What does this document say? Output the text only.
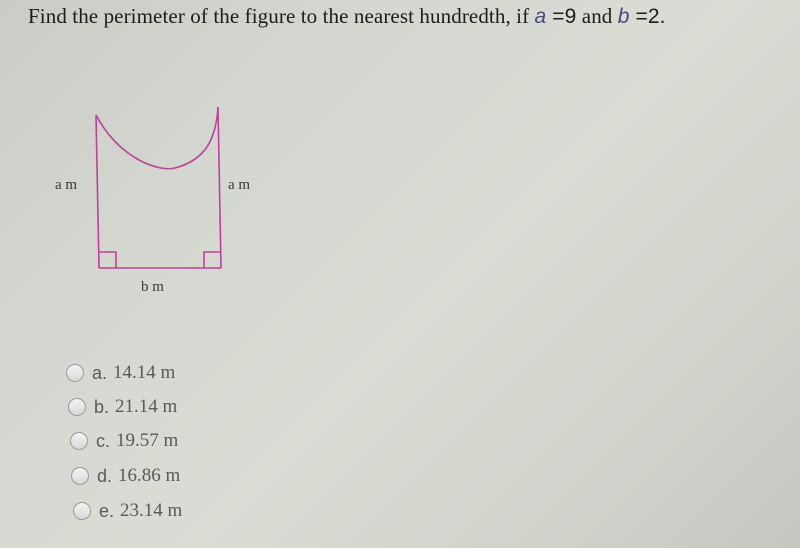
Find the perimeter of the figure to the nearest hundredth, if a =9 and b =2.
a m	a m
b m
a. 14.14 m
b. 21.14 m
c. 19.57 m
d. 16.86 m
e. 23.14 m
